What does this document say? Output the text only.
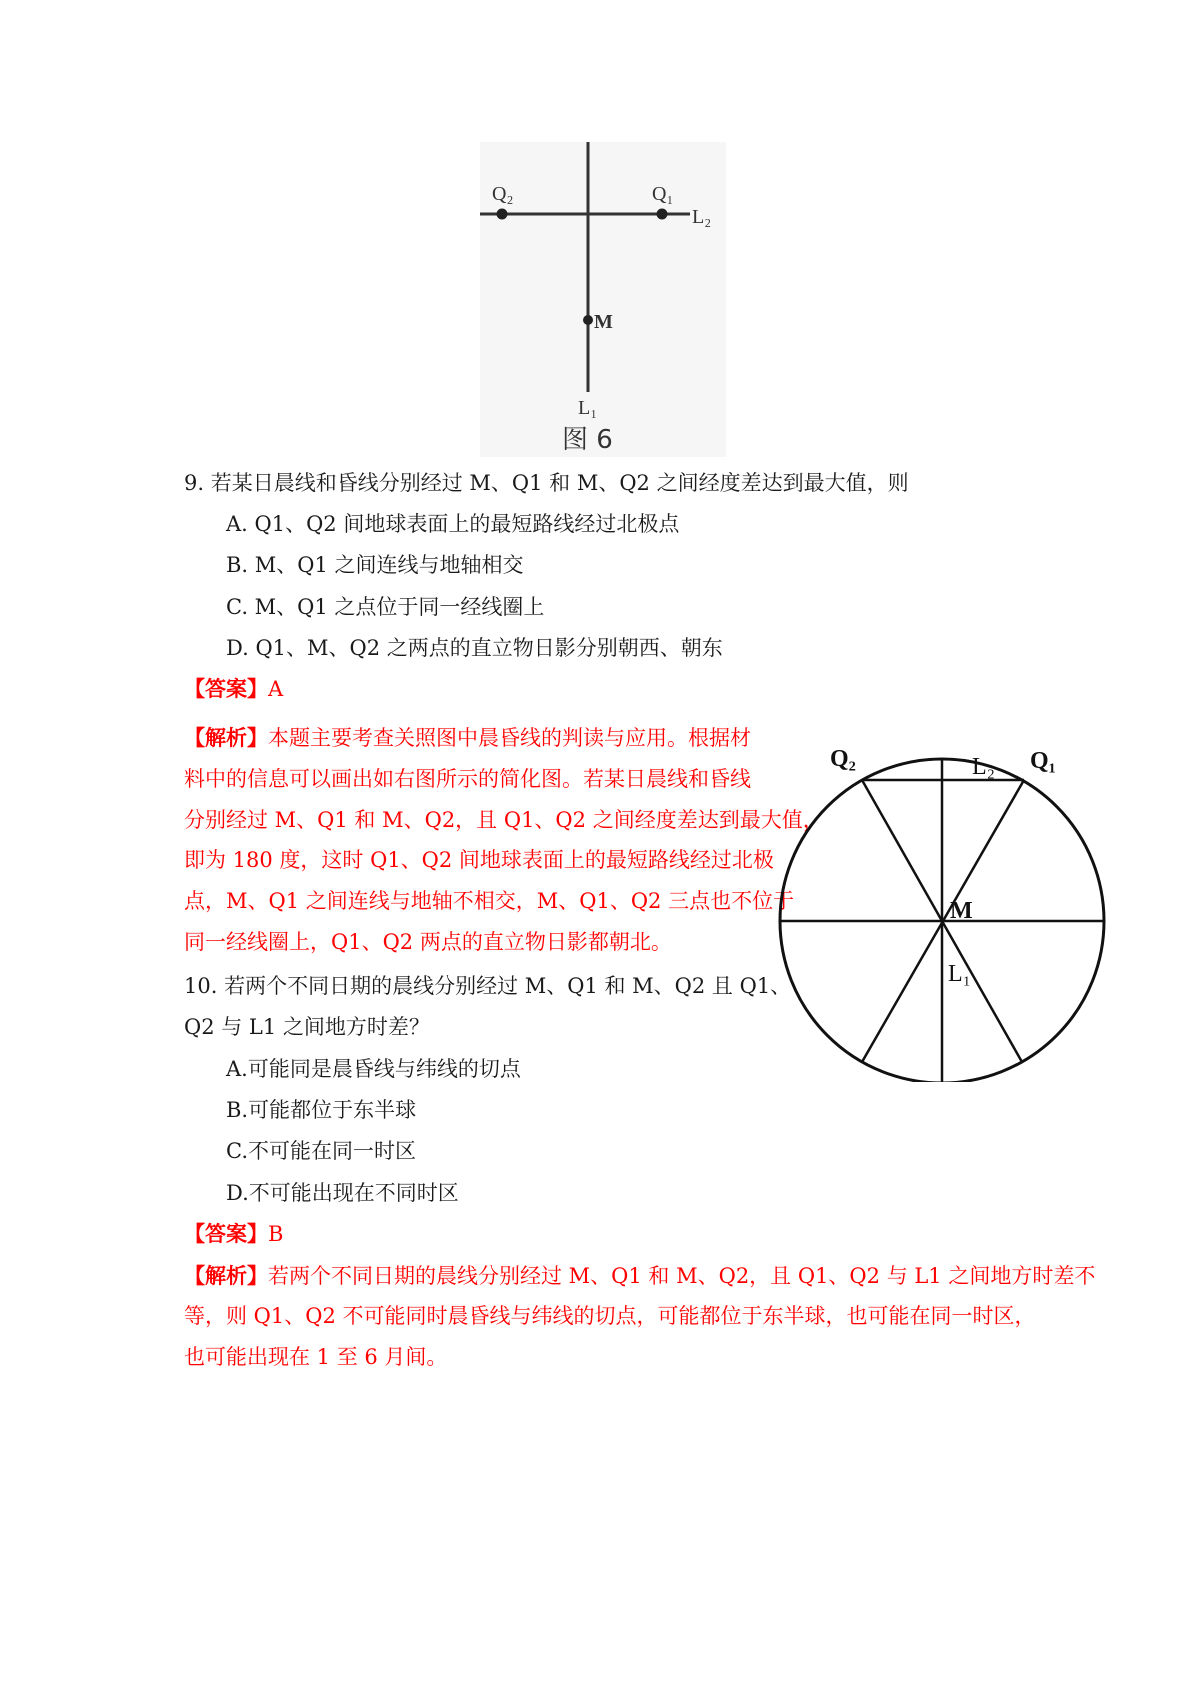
Q₂	Q₁
L₂
M
L₁
图 6
9. 若某日晨线和昏线分别经过 M、Q1 和 M、Q2 之间经度差达到最大值，则
A. Q1、Q2 间地球表面上的最短路线经过北极点
B. M、Q1 之间连线与地轴相交
C. M、Q1 之点位于同一经线圈上
D. Q1、M、Q2 之两点的直立物日影分别朝西、朝东
【答案】A
【解析】本题主要考查关照图中晨昏线的判读与应用。根据材
料中的信息可以画出如右图所示的简化图。若某日晨线和昏线
分别经过 M、Q1 和 M、Q2，且 Q1、Q2 之间经度差达到最大值，
即为 180 度，这时 Q1、Q2 间地球表面上的最短路线经过北极
点，M、Q1 之间连线与地轴不相交，M、Q1、Q2 三点也不位于
同一经线圈上，Q1、Q2 两点的直立物日影都朝北。
Q₂	L₂ Q₁
M
L₁
10. 若两个不同日期的晨线分别经过 M、Q1 和 M、Q2 且 Q1、
Q2 与 L1 之间地方时差？
A.可能同是晨昏线与纬线的切点
B.可能都位于东半球
C.不可能在同一时区
D.不可能出现在不同时区
【答案】B
【解析】若两个不同日期的晨线分别经过 M、Q1 和 M、Q2，且 Q1、Q2 与 L1 之间地方时差不
等，则 Q1、Q2 不可能同时晨昏线与纬线的切点，可能都位于东半球，也可能在同一时区，
也可能出现在 1 至 6 月间。
